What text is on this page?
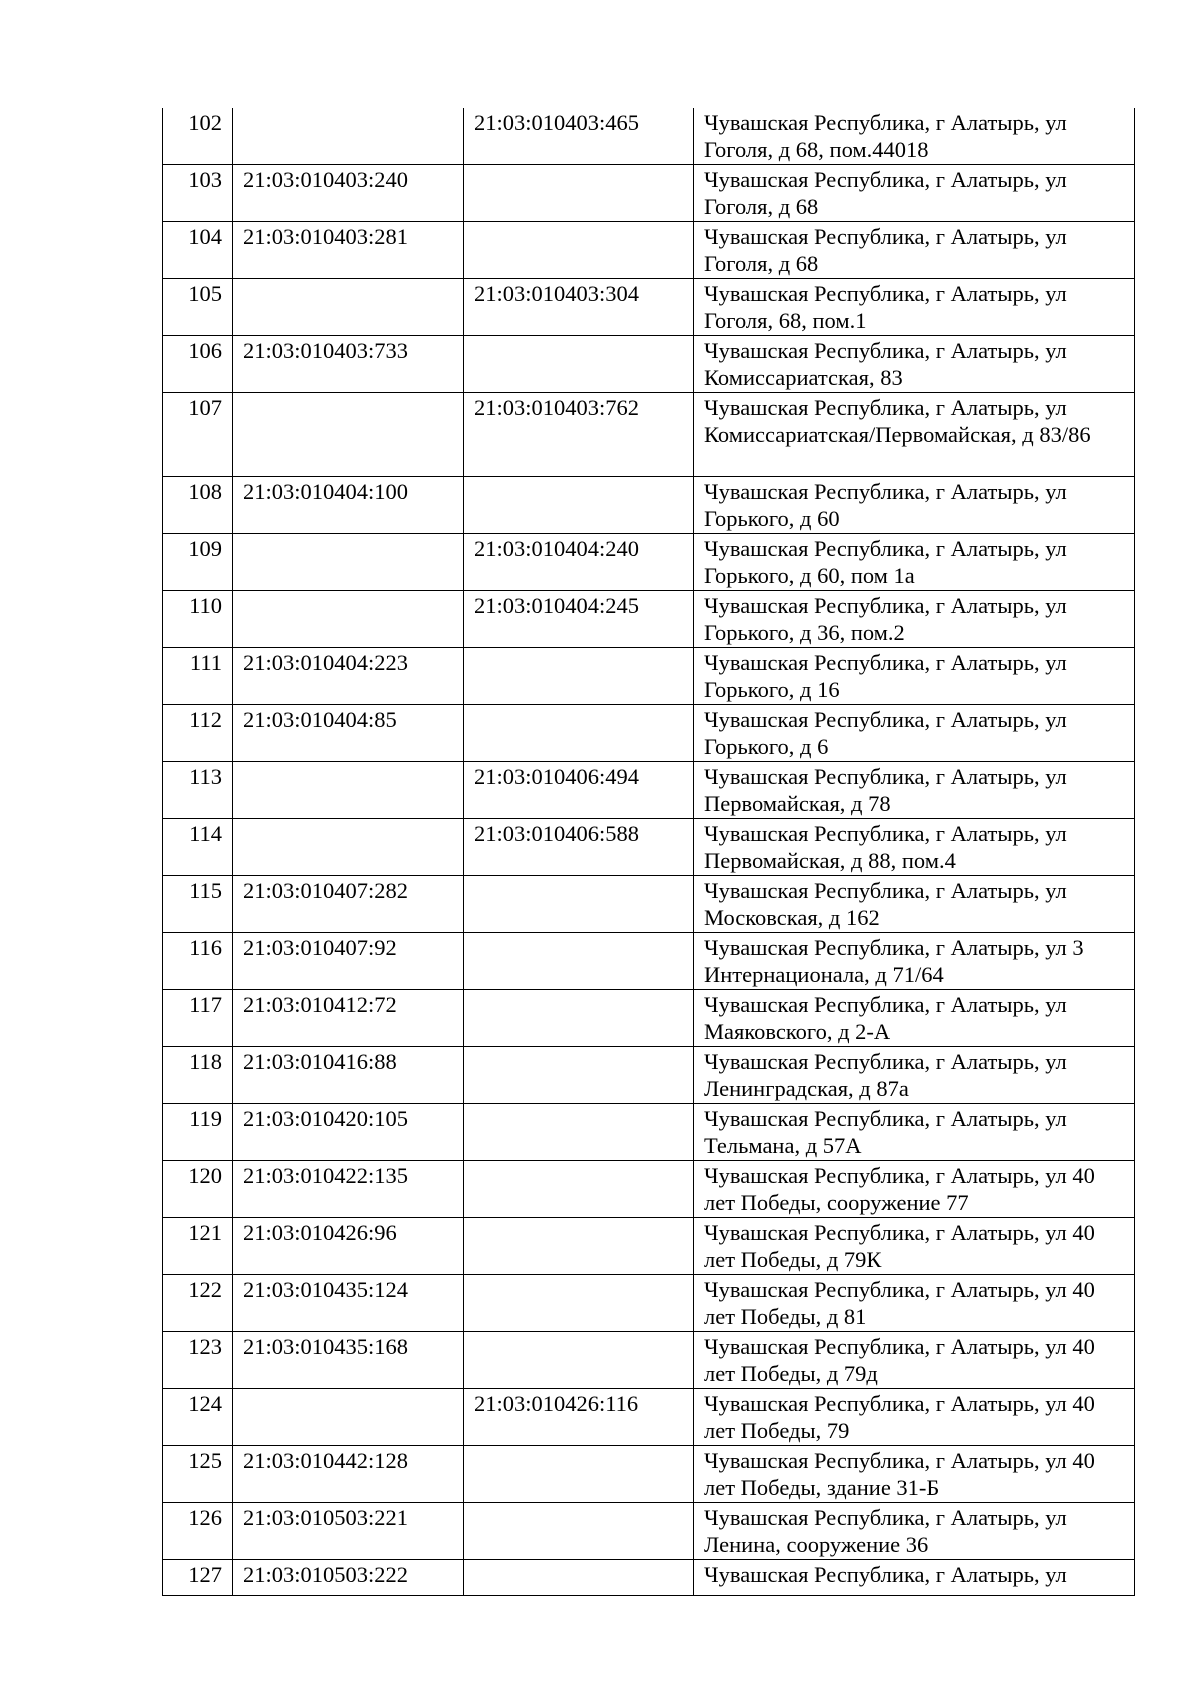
102		21:03:010403:465	Чувашская Республика, г Алатырь, ул Гоголя, д 68, пом.44018
103	21:03:010403:240		Чувашская Республика, г Алатырь, ул Гоголя, д 68
104	21:03:010403:281		Чувашская Республика, г Алатырь, ул Гоголя, д 68
105		21:03:010403:304	Чувашская Республика, г Алатырь, ул Гоголя, 68, пом.1
106	21:03:010403:733		Чувашская Республика, г Алатырь, ул Комиссариатская, 83
107		21:03:010403:762	Чувашская Республика, г Алатырь, ул Комиссариатская/Первомайская, д 83/86
108	21:03:010404:100		Чувашская Республика, г Алатырь, ул Горького, д 60
109		21:03:010404:240	Чувашская Республика, г Алатырь, ул Горького, д 60, пом 1а
110		21:03:010404:245	Чувашская Республика, г Алатырь, ул Горького, д 36, пом.2
111	21:03:010404:223		Чувашская Республика, г Алатырь, ул Горького, д 16
112	21:03:010404:85		Чувашская Республика, г Алатырь, ул Горького, д 6
113		21:03:010406:494	Чувашская Республика, г Алатырь, ул Первомайская, д 78
114		21:03:010406:588	Чувашская Республика, г Алатырь, ул Первомайская, д 88, пом.4
115	21:03:010407:282		Чувашская Республика, г Алатырь, ул Московская, д 162
116	21:03:010407:92		Чувашская Республика, г Алатырь, ул 3 Интернационала, д 71/64
117	21:03:010412:72		Чувашская Республика, г Алатырь, ул Маяковского, д 2-А
118	21:03:010416:88		Чувашская Республика, г Алатырь, ул Ленинградская, д 87а
119	21:03:010420:105		Чувашская Республика, г Алатырь, ул Тельмана, д 57А
120	21:03:010422:135		Чувашская Республика, г Алатырь, ул 40 лет Победы, сооружение 77
121	21:03:010426:96		Чувашская Республика, г Алатырь, ул 40 лет Победы, д 79К
122	21:03:010435:124		Чувашская Республика, г Алатырь, ул 40 лет Победы, д 81
123	21:03:010435:168		Чувашская Республика, г Алатырь, ул 40 лет Победы, д 79д
124		21:03:010426:116	Чувашская Республика, г Алатырь, ул 40 лет Победы, 79
125	21:03:010442:128		Чувашская Республика, г Алатырь, ул 40 лет Победы, здание 31-Б
126	21:03:010503:221		Чувашская Республика, г Алатырь, ул Ленина, сооружение 36
127	21:03:010503:222		Чувашская Республика, г Алатырь, ул
